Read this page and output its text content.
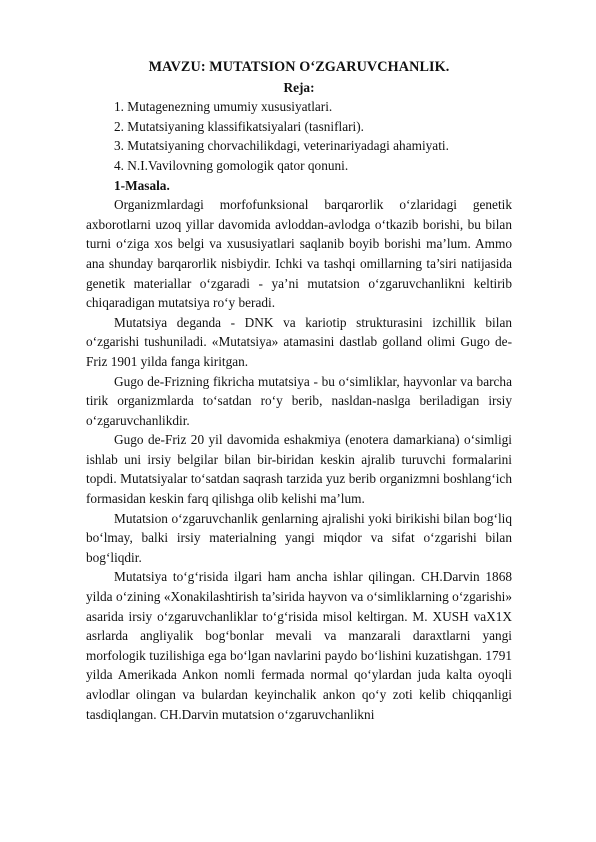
MAVZU: MUTATSION O‘ZGARUVCHANLIK.

Reja:

1. Mutagenezning umumiy xususiyatlari.

2. Mutatsiyaning klassifikatsiyalari (tasniflari).

3. Mutatsiyaning chorvachilikdagi, veterinariyadagi ahamiyati.

4. N.I.Vavilovning gomologik qator qonuni.

1-Masala.

Organizmlardagi morfofunksional barqarorlik o‘zlaridagi genetik axborotlarni uzoq yillar davomida avloddan-avlodga o‘tkazib borishi, bu bilan turni o‘ziga xos belgi va xususiyatlari saqlanib boyib borishi ma’lum. Ammo ana shunday barqarorlik nisbiydir. Ichki va tashqi omillarning ta’siri natijasida genetik materiallar o‘zgaradi - ya’ni mutatsion o‘zgaruvchanlikni keltirib chiqaradigan mutatsiya ro‘y beradi.

Mutatsiya deganda - DNK va kariotip strukturasini izchillik bilan o‘zgarishi tushuniladi. «Mutatsiya» atamasini dastlab golland olimi Gugo de-Friz 1901 yilda fanga kiritgan.

Gugo de-Frizning fikricha mutatsiya - bu o‘simliklar, hayvonlar va barcha tirik organizmlarda to‘satdan ro‘y berib, nasldan-naslga beriladigan irsiy o‘zgaruvchanlikdir.

Gugo de-Friz 20 yil davomida eshakmiya (enotera damarkiana) o‘simligi ishlab uni irsiy belgilar bilan bir-biridan keskin ajralib turuvchi formalarini topdi. Mutatsiyalar to‘satdan saqrash tarzida yuz berib organizmni boshlang‘ich formasidan keskin farq qilishga olib kelishi ma’lum.

Mutatsion o‘zgaruvchanlik genlarning ajralishi yoki birikishi bilan bog‘liq bo‘lmay, balki irsiy materialning yangi miqdor va sifat o‘zgarishi bilan bog‘liqdir.

Mutatsiya to‘g‘risida ilgari ham ancha ishlar qilingan. CH.Darvin 1868 yilda o‘zining «Xonakilashtirish ta’sirida hayvon va o‘simliklarning o‘zgarishi» asarida irsiy o‘zgaruvchanliklar to‘g‘risida misol keltirgan. M. XUSH vaX1X asrlarda angliyalik bog‘bonlar mevali va manzarali daraxtlarni yangi morfologik tuzilishiga ega bo‘lgan navlarini paydo bo‘lishini kuzatishgan. 1791 yilda Amerikada Ankon nomli fermada normal qo‘ylardan juda kalta oyoqli avlodlar olingan va bulardan keyinchalik ankon qo‘y zoti kelib chiqqanligi tasdiqlangan. CH.Darvin mutatsion o‘zgaruvchanlikni
